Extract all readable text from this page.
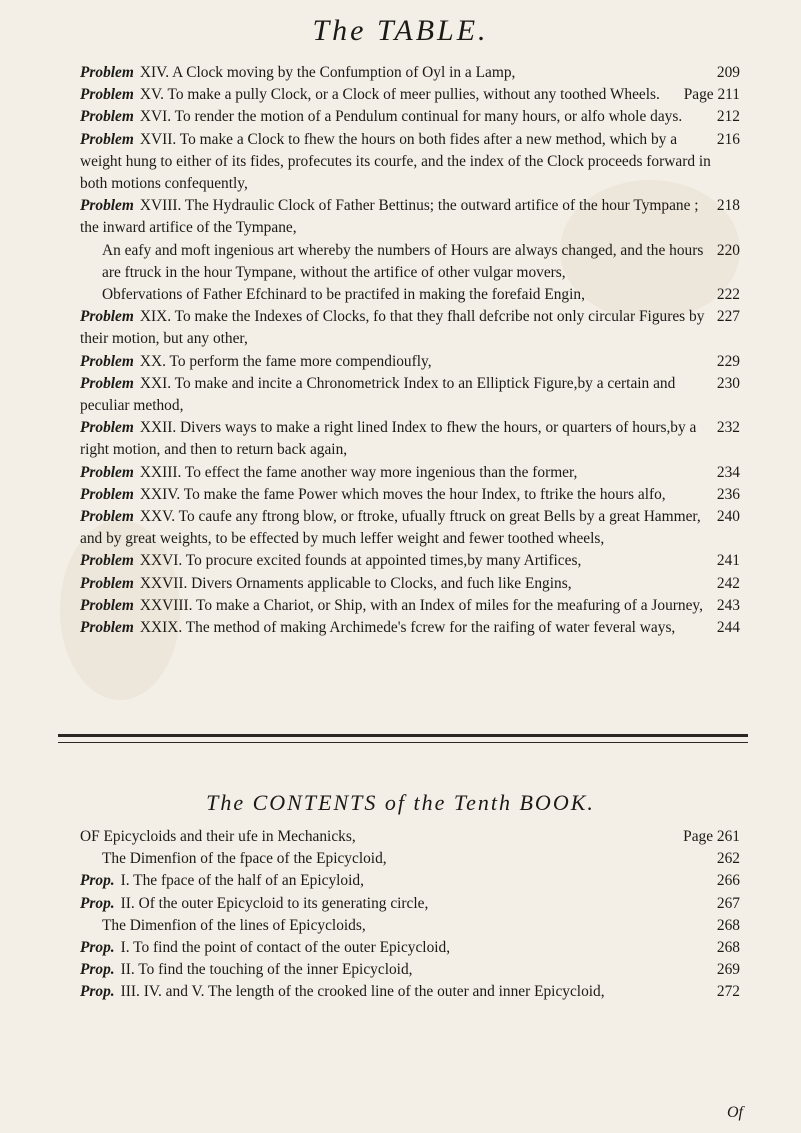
The TABLE.
209
Problem XIV. A Clock moving by the Confumption of Oyl in a Lamp,
Page 211
Problem XV. To make a pully Clock, or a Clock of meer pullies, without any toothed Wheels.
212
Problem XVI. To render the motion of a Pendulum continual for many hours, or alfo whole days.
216
Problem XVII. To make a Clock to fhew the hours on both fides after a new method, which by a weight hung to either of its fides, profecutes its courfe, and the index of the Clock proceeds forward in both motions confequently,
218
Problem XVIII. The Hydraulic Clock of Father Bettinus; the outward artifice of the hour Tympane ; the inward artifice of the Tympane,
220
An eafy and moft ingenious art whereby the numbers of Hours are always changed, and the hours are ftruck in the hour Tympane, without the artifice of other vulgar movers,
222
Obfervations of Father Efchinard to be practifed in making the forefaid Engin,
227
Problem XIX. To make the Indexes of Clocks, fo that they fhall defcribe not only circular Figures by their motion, but any other,
229
Problem XX. To perform the fame more compendioufly,
230
Problem XXI. To make and incite a Chronometrick Index to an Elliptick Figure,by a certain and peculiar method,
232
Problem XXII. Divers ways to make a right lined Index to fhew the hours, or quarters of hours,by a right motion, and then to return back again,
234
Problem XXIII. To effect the fame another way more ingenious than the former,
236
Problem XXIV. To make the fame Power which moves the hour Index, to ftrike the hours alfo,
240
Problem XXV. To caufe any ftrong blow, or ftroke, ufually ftruck on great Bells by a great Hammer, and by great weights, to be effected by much leffer weight and fewer toothed wheels,
241
Problem XXVI. To procure excited founds at appointed times,by many Artifices,
242
Problem XXVII. Divers Ornaments applicable to Clocks, and fuch like Engins,
243
Problem XXVIII. To make a Chariot, or Ship, with an Index of miles for the meafuring of a Journey,
244
Problem XXIX. The method of making Archimede's fcrew for the raifing of water feveral ways,
The CONTENTS of the Tenth BOOK.
Page 261
OF Epicycloids and their ufe in Mechanicks,
262
The Dimenfion of the fpace of the Epicycloid,
266
Prop. I. The fpace of the half of an Epicyloid,
267
Prop. II. Of the outer Epicycloid to its generating circle,
268
The Dimenfion of the lines of Epicycloids,
268
Prop. I. To find the point of contact of the outer Epicycloid,
269
Prop. II. To find the touching of the inner Epicycloid,
272
Prop. III. IV. and V. The length of the crooked line of the outer and inner Epicycloid,
Of
